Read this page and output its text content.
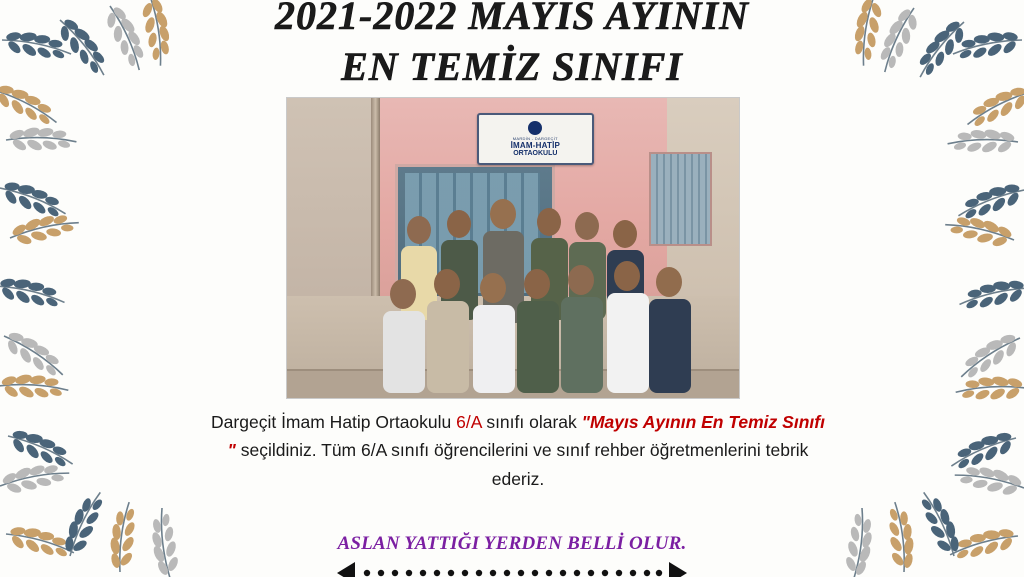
2021-2022 MAYIS AYININ
EN TEMİZ SINIFI
MARDİN - DARGEÇİT
İMAM-HATİP
ORTAOKULU
Dargeçit İmam Hatip Ortaokulu 6/A sınıfı olarak "Mayıs Ayının En Temiz Sınıfı " seçildiniz. Tüm 6/A sınıfı öğrencilerini ve sınıf rehber öğretmenlerini tebrik ederiz.
ASLAN YATTIĞI YERDEN BELLİ OLUR.
